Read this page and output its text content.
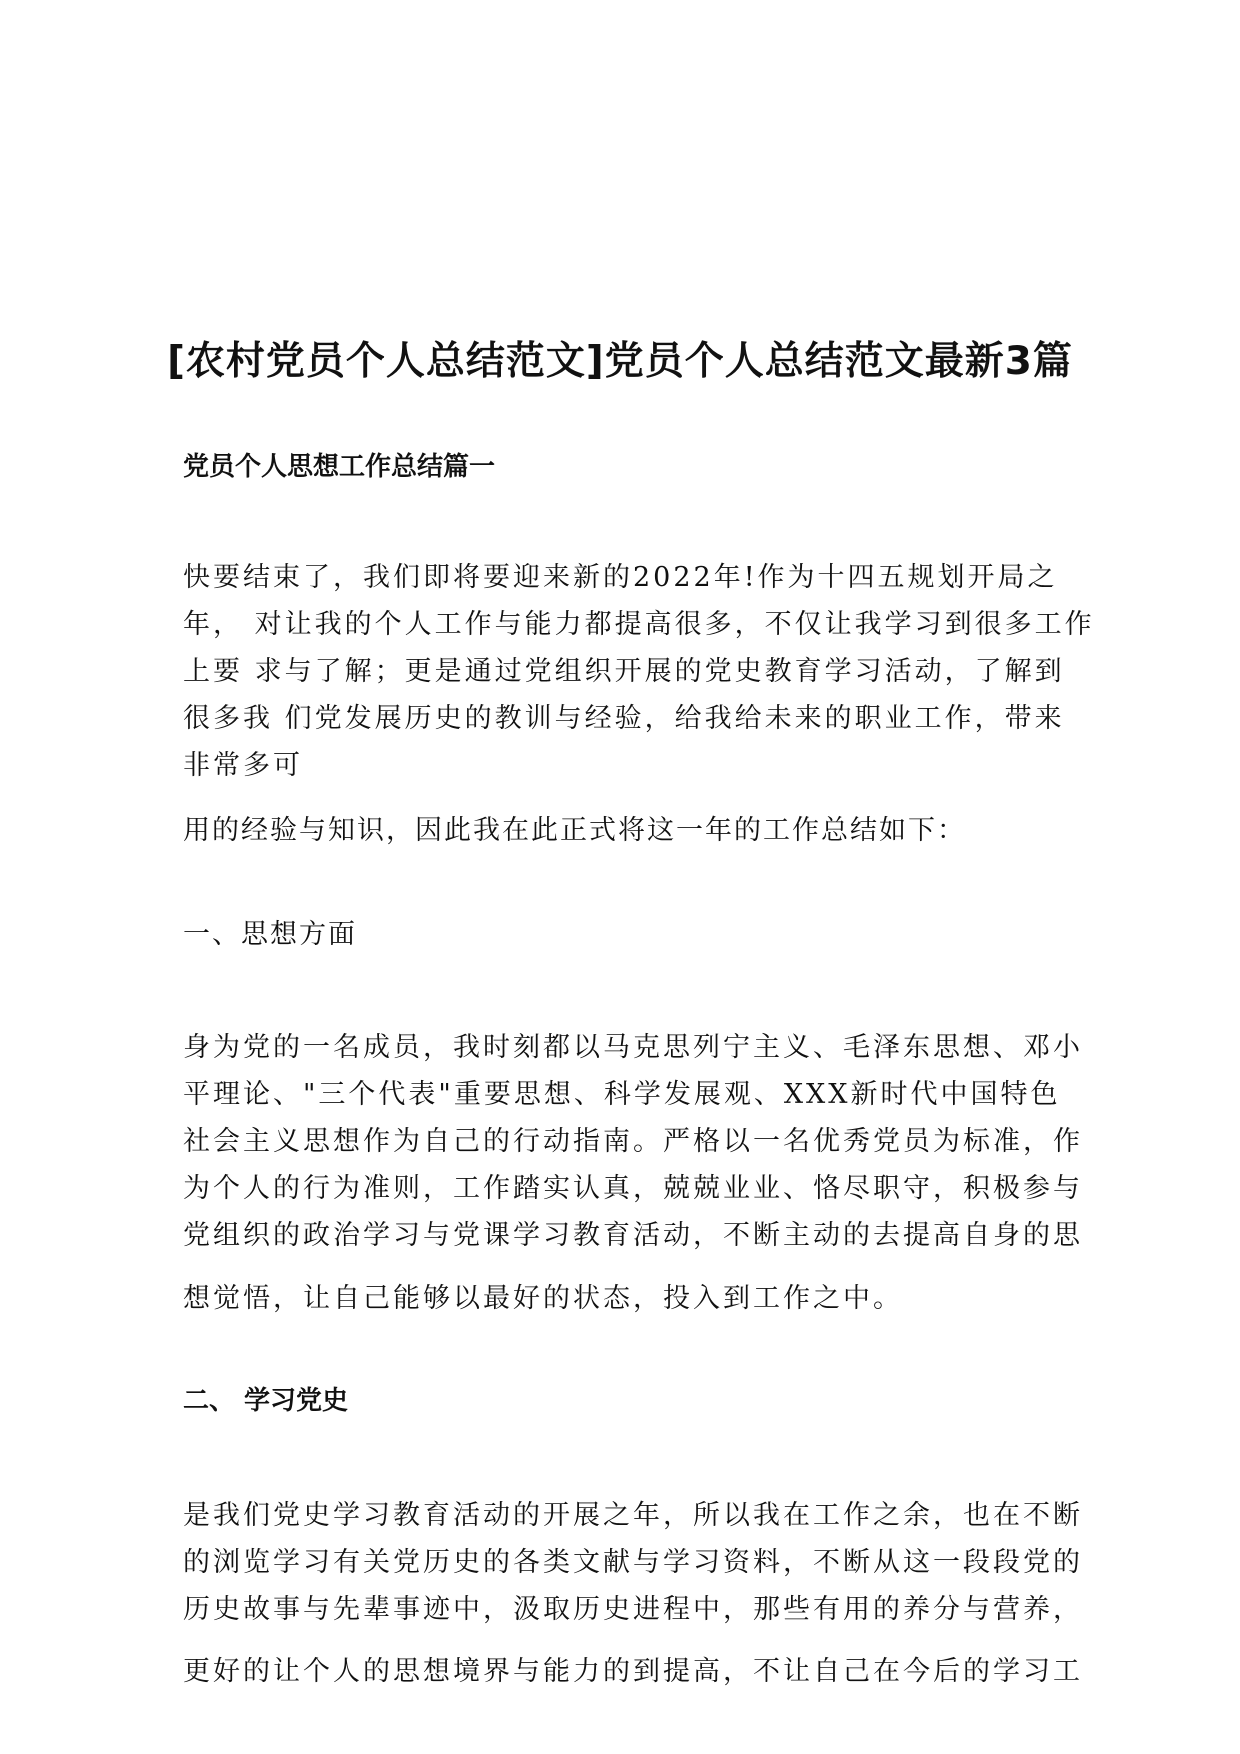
[农村党员个人总结范文]党员个人总结范文最新3篇
党员个人思想工作总结篇一

快要结束了，我们即将要迎来新的2022年!作为十四五规划开局之

年， 对让我的个人工作与能力都提高很多，不仅让我学习到很多工作

上要 求与了解；更是通过党组织开展的党史教育学习活动，了解到

很多我 们党发展历史的教训与经验，给我给未来的职业工作，带来

非常多可

用的经验与知识，因此我在此正式将这一年的工作总结如下：

一、思想方面

身为党的一名成员，我时刻都以马克思列宁主义、毛泽东思想、邓小

平理论、"三个代表"重要思想、科学发展观、XXX新时代中国特色

社会主义思想作为自己的行动指南。严格以一名优秀党员为标准，作

为个人的行为准则，工作踏实认真，兢兢业业、恪尽职守，积极参与

党组织的政治学习与党课学习教育活动，不断主动的去提高自身的思

想觉悟，让自己能够以最好的状态，投入到工作之中。

二、 学习党史

是我们党史学习教育活动的开展之年，所以我在工作之余，也在不断

的浏览学习有关党历史的各类文献与学习资料，不断从这一段段党的

历史故事与先辈事迹中，汲取历史进程中，那些有用的养分与营养，

更好的让个人的思想境界与能力的到提高，不让自己在今后的学习工
